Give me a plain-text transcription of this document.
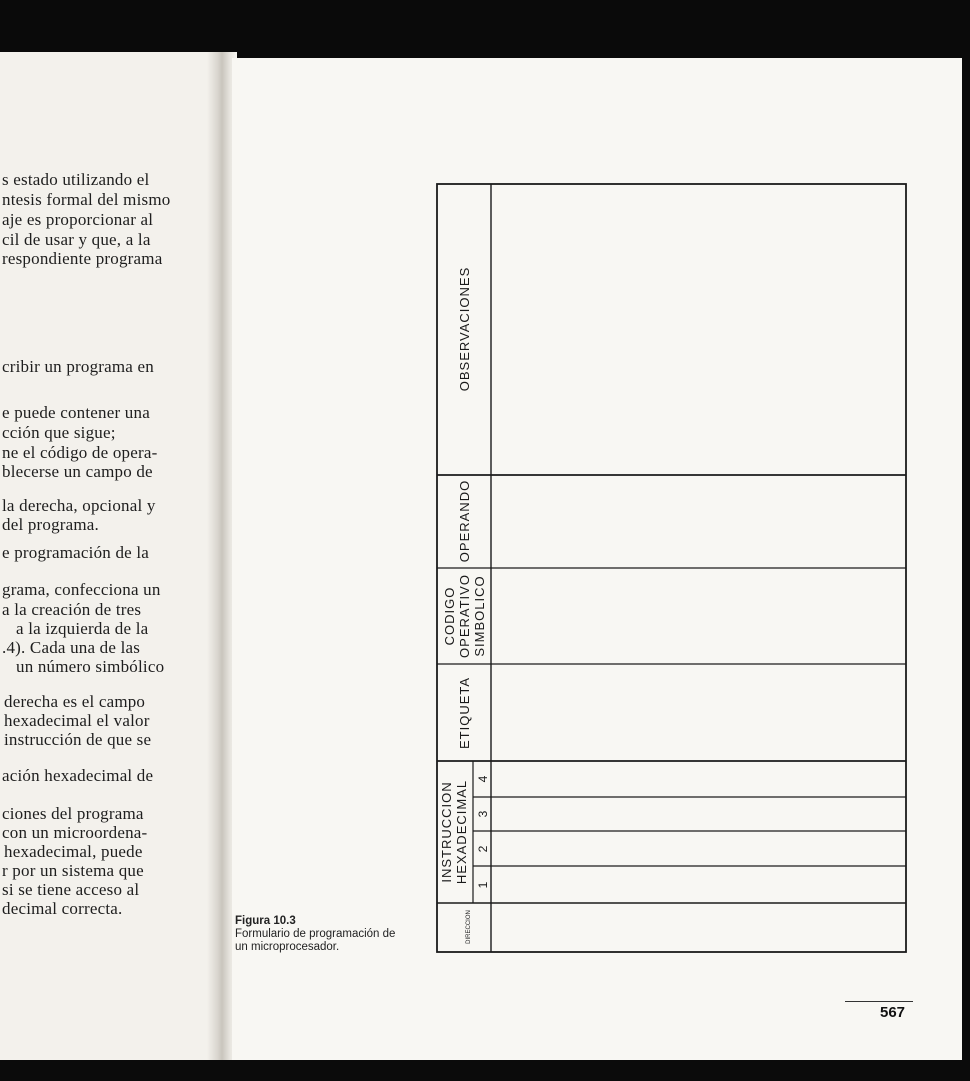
s estado utilizando el
ntesis formal del mismo
aje es proporcionar al
cil de usar y que, a la
respondiente programa
cribir un programa en
e puede contener una
cción que sigue;
ne el código de opera-
blecerse un campo de
la derecha, opcional y
del programa.
e programación de la
grama, confecciona un
a la creación de tres
a la izquierda de la
.4). Cada una de las
un número simbólico
derecha es el campo
hexadecimal el valor
instrucción de que se
ación hexadecimal de
ciones del programa
con un microordena-
hexadecimal, puede
r por un sistema que
si se tiene acceso al
decimal correcta.
OBSERVACIONES
OPERANDO
CODIGO OPERATIVO SIMBOLICO
ETIQUETA
INSTRUCCION HEXADECIMAL
4
3
2
1
DIRECCION
Figura 10.3
Formulario de programación de
un microprocesador.
567
